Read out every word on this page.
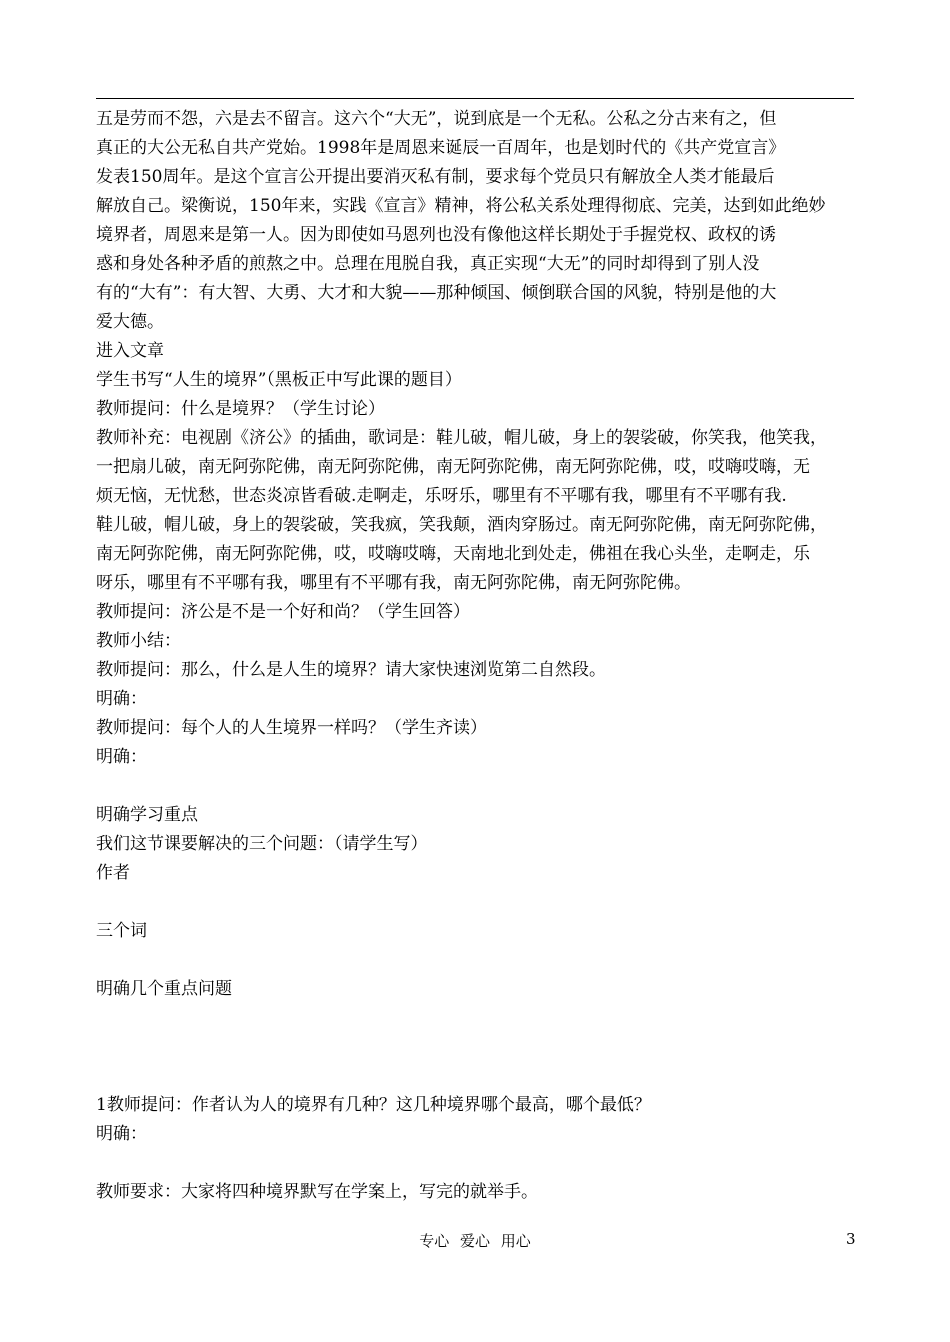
五是劳而不怨，六是去不留言。这六个“大无”，说到底是一个无私。公私之分古来有之，但
真正的大公无私自共产党始。1998年是周恩来诞辰一百周年，也是划时代的《共产党宣言》
发表150周年。是这个宣言公开提出要消灭私有制，要求每个党员只有解放全人类才能最后
解放自己。梁衡说，150年来，实践《宣言》精神，将公私关系处理得彻底、完美，达到如此绝妙
境界者，周恩来是第一人。因为即使如马恩列也没有像他这样长期处于手握党权、政权的诱
惑和身处各种矛盾的煎熬之中。总理在甩脱自我，真正实现“大无”的同时却得到了别人没
有的“大有”：有大智、大勇、大才和大貌——那种倾国、倾倒联合国的风貌，特别是他的大
爱大德。
进入文章
学生书写“人生的境界”（黑板正中写此课的题目）
教师提问：什么是境界？（学生讨论）
教师补充：电视剧《济公》的插曲，歌词是：鞋儿破，帽儿破，身上的袈裟破，你笑我，他笑我，
一把扇儿破，南无阿弥陀佛，南无阿弥陀佛，南无阿弥陀佛，南无阿弥陀佛，哎，哎嗨哎嗨，无
烦无恼，无忧愁，世态炎凉皆看破.走啊走，乐呀乐，哪里有不平哪有我，哪里有不平哪有我.
鞋儿破，帽儿破，身上的袈裟破，笑我疯，笑我颠，酒肉穿肠过。南无阿弥陀佛，南无阿弥陀佛，
南无阿弥陀佛，南无阿弥陀佛，哎，哎嗨哎嗨，天南地北到处走，佛祖在我心头坐，走啊走，乐
呀乐，哪里有不平哪有我，哪里有不平哪有我，南无阿弥陀佛，南无阿弥陀佛。
教师提问：济公是不是一个好和尚？（学生回答）
教师小结：
教师提问：那么，什么是人生的境界？请大家快速浏览第二自然段。
明确：
教师提问：每个人的人生境界一样吗？（学生齐读）
明确：
明确学习重点
我们这节课要解决的三个问题：（请学生写）
作者
三个词
明确几个重点问题
1教师提问：作者认为人的境界有几种？这几种境界哪个最高，哪个最低？
明确：
教师要求：大家将四种境界默写在学案上，写完的就举手。
专心 爱心 用心	3
